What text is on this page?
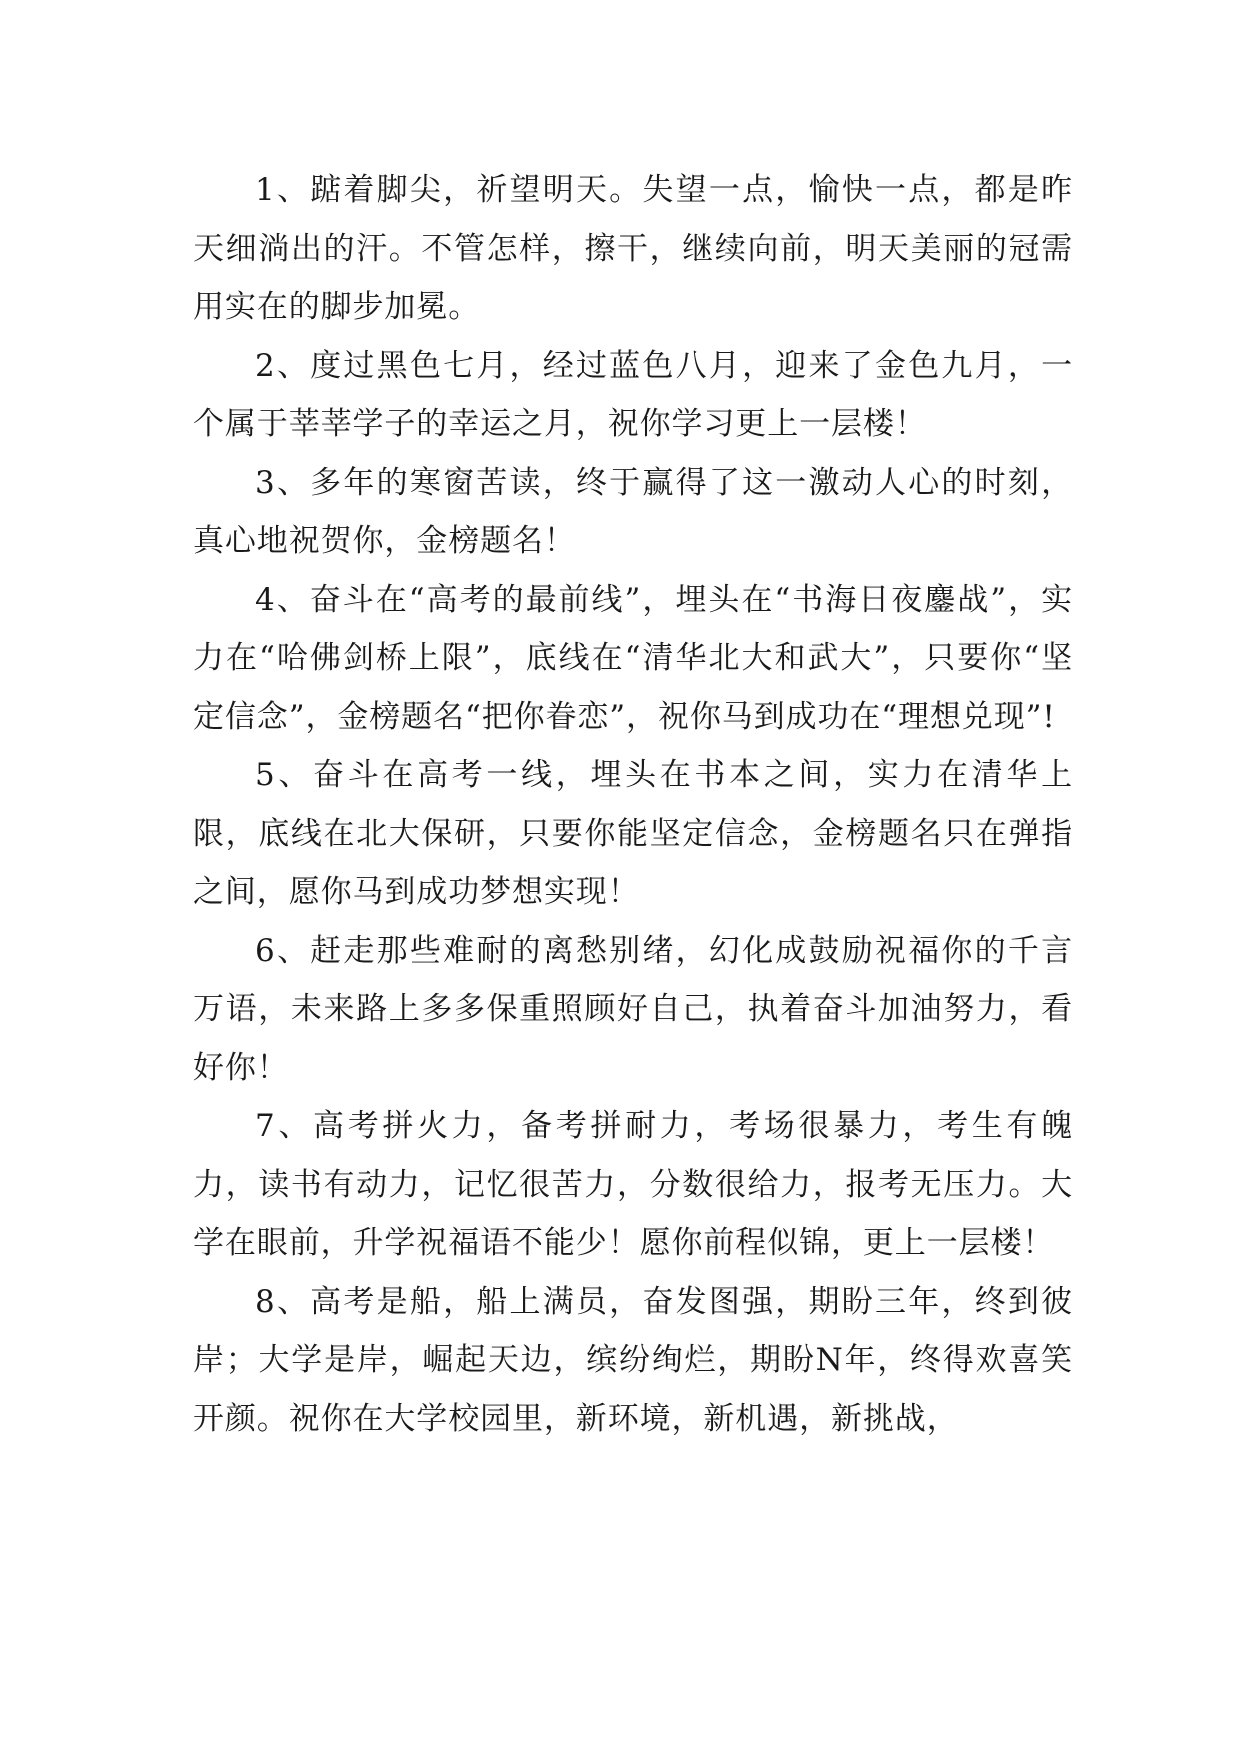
1、踮着脚尖，祈望明天。失望一点，愉快一点，都是昨天细淌出的汗。不管怎样，擦干，继续向前，明天美丽的冠需用实在的脚步加冕。

2、度过黑色七月，经过蓝色八月，迎来了金色九月，一个属于莘莘学子的幸运之月，祝你学习更上一层楼！

3、多年的寒窗苦读，终于赢得了这一激动人心的时刻，真心地祝贺你，金榜题名！

4、奋斗在“高考的最前线”，埋头在“书海日夜鏖战”，实力在“哈佛剑桥上限”，底线在“清华北大和武大”，只要你“坚定信念”，金榜题名“把你眷恋”，祝你马到成功在“理想兑现”!

5、奋斗在高考一线，埋头在书本之间，实力在清华上限，底线在北大保研，只要你能坚定信念，金榜题名只在弹指之间，愿你马到成功梦想实现！

6、赶走那些难耐的离愁别绪，幻化成鼓励祝福你的千言万语，未来路上多多保重照顾好自己，执着奋斗加油努力，看好你！

7、高考拼火力，备考拼耐力，考场很暴力，考生有魄力，读书有动力，记忆很苦力，分数很给力，报考无压力。大学在眼前，升学祝福语不能少！愿你前程似锦，更上一层楼！

8、高考是船，船上满员，奋发图强，期盼三年，终到彼岸；大学是岸，崛起天边，缤纷绚烂，期盼N年，终得欢喜笑开颜。祝你在大学校园里，新环境，新机遇，新挑战，
